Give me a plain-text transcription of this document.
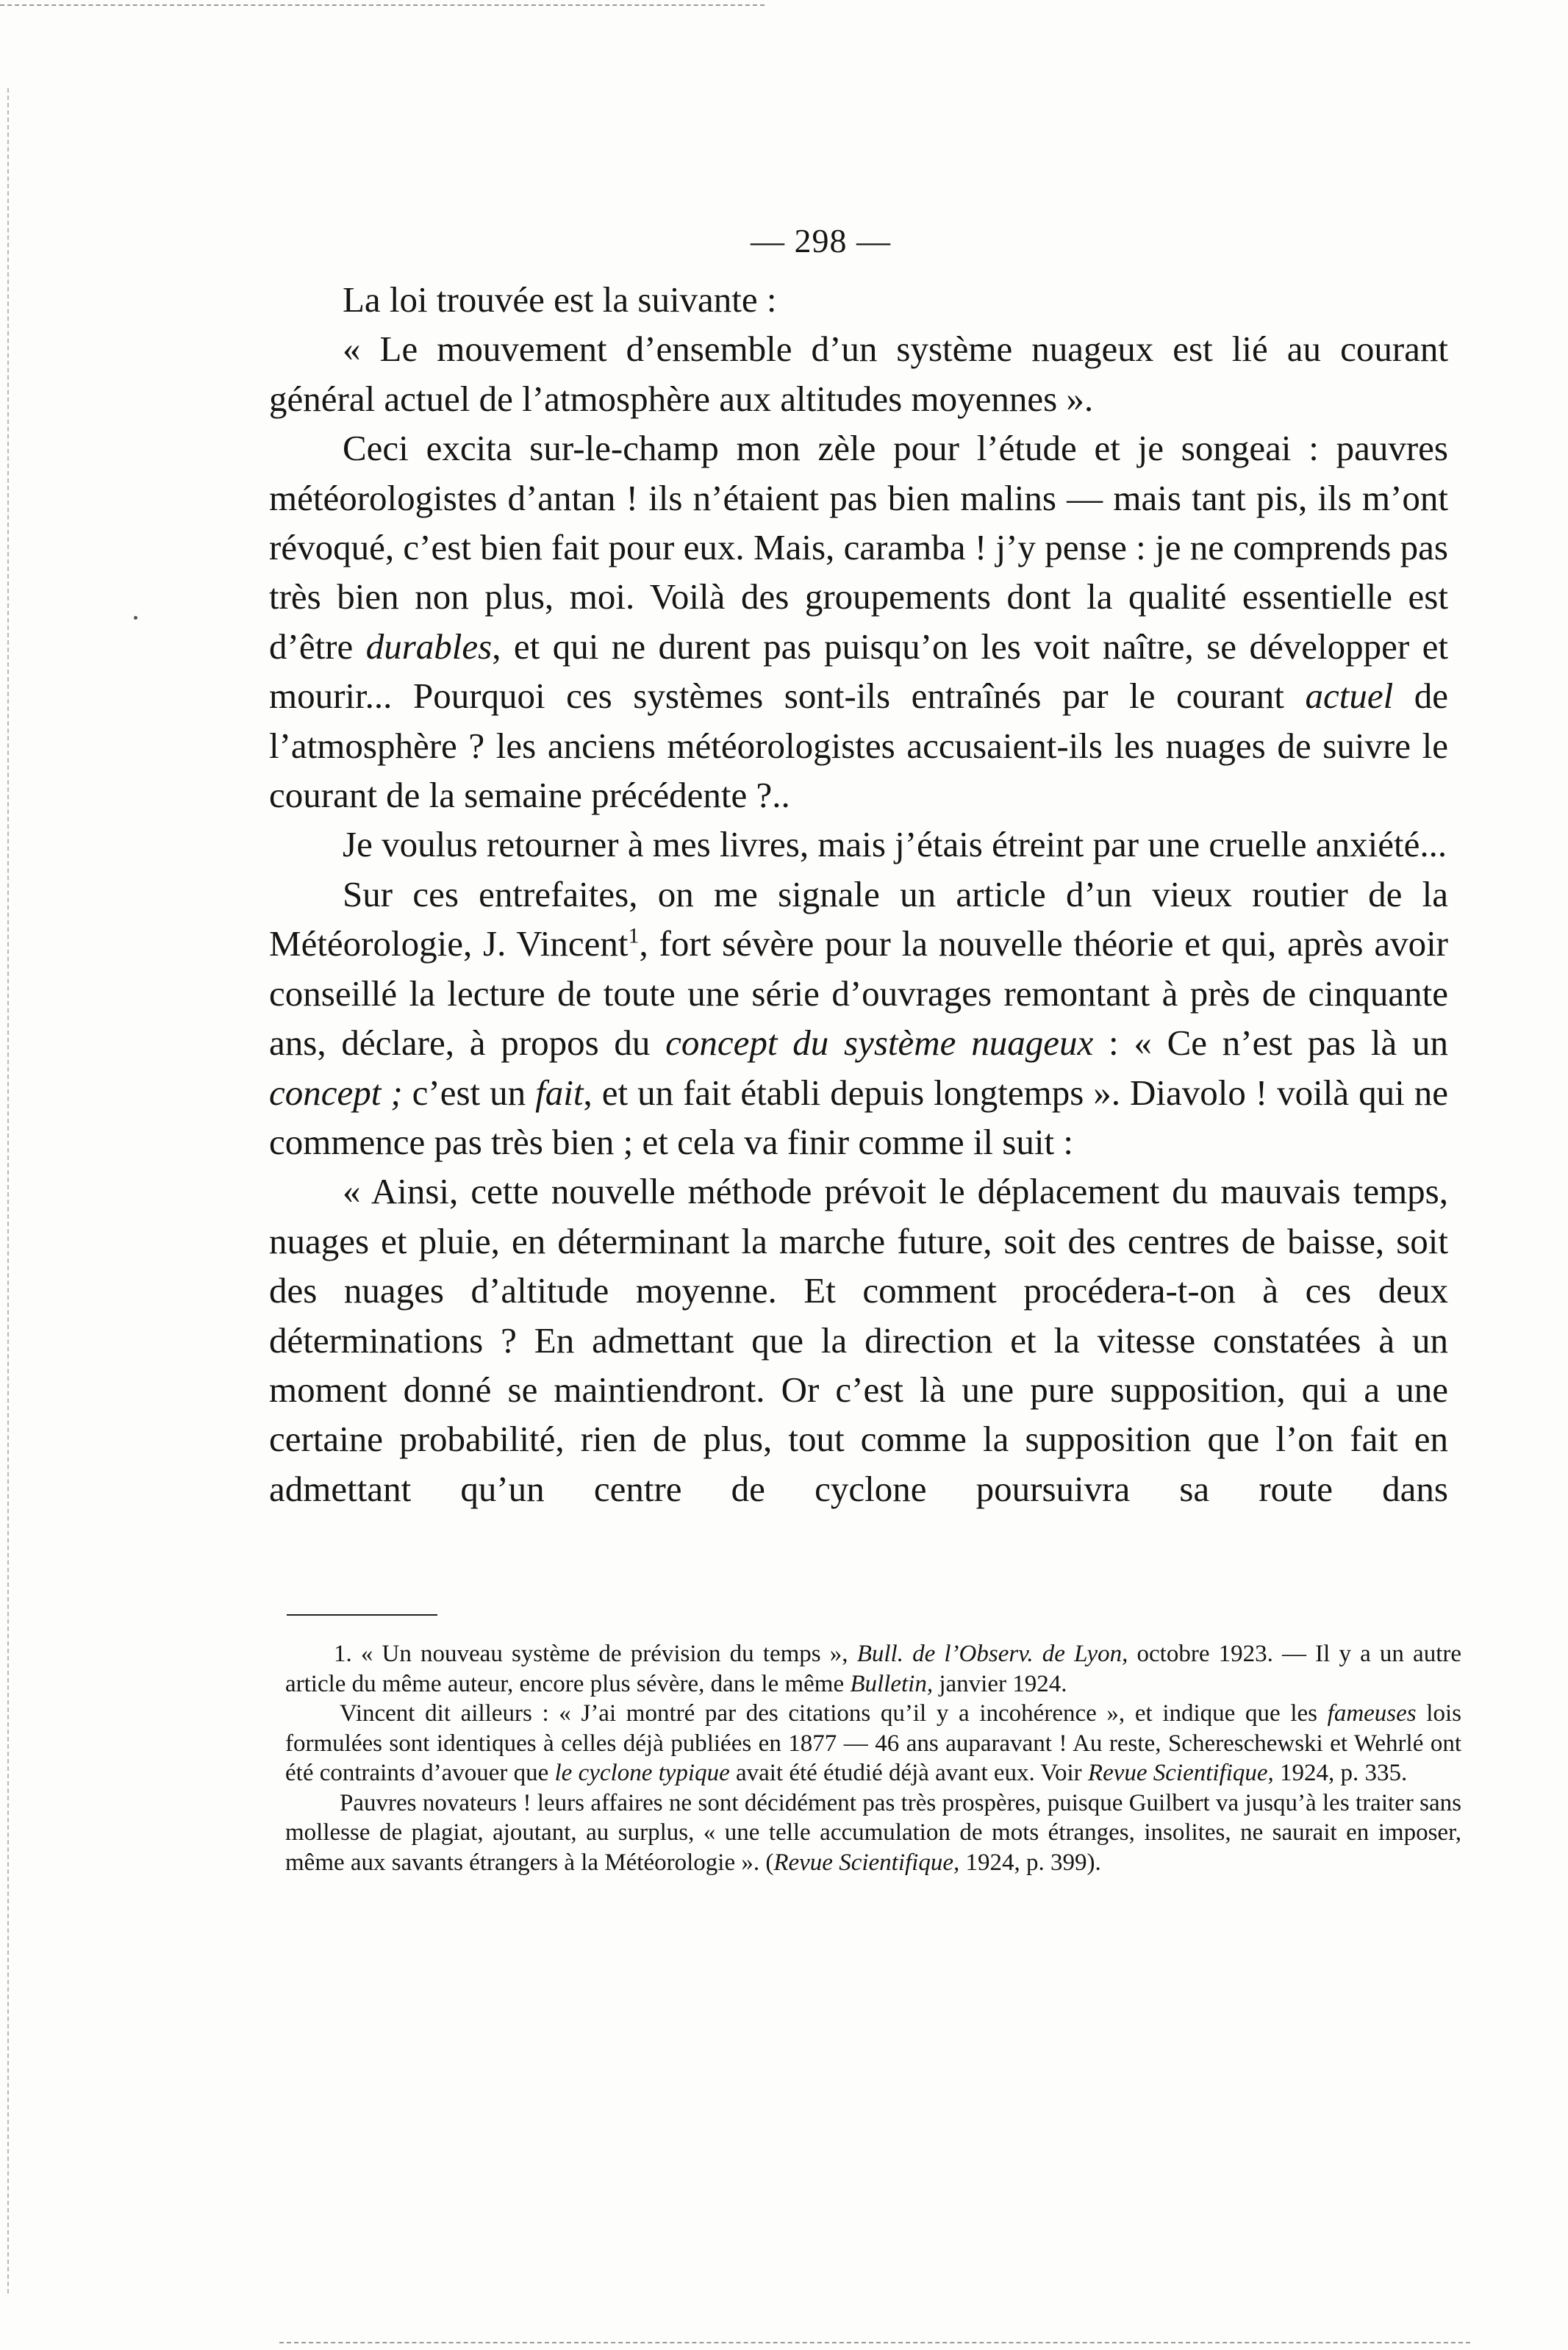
— 298 —

La loi trouvée est la suivante :

« Le mouvement d’ensemble d’un système nuageux est lié au courant général actuel de l’atmosphère aux altitudes moyennes ».

Ceci excita sur-le-champ mon zèle pour l’étude et je songeai : pauvres météorologistes d’antan ! ils n’étaient pas bien malins — mais tant pis, ils m’ont révoqué, c’est bien fait pour eux. Mais, caramba ! j’y pense : je ne comprends pas très bien non plus, moi. Voilà des groupements dont la qualité essentielle est d’être durables, et qui ne durent pas puisqu’on les voit naître, se développer et mourir... Pourquoi ces systèmes sont-ils entraînés par le courant actuel de l’atmosphère ? les anciens météorologistes accusaient-ils les nuages de suivre le courant de la semaine précédente ?..

Je voulus retourner à mes livres, mais j’étais étreint par une cruelle anxiété...

Sur ces entrefaites, on me signale un article d’un vieux routier de la Météorologie, J. Vincent$^1$, fort sévère pour la nouvelle théorie et qui, après avoir conseillé la lecture de toute une série d’ouvrages remontant à près de cinquante ans, déclare, à propos du concept du système nuageux : « Ce n’est pas là un concept ; c’est un fait, et un fait établi depuis longtemps ». Diavolo ! voilà qui ne commence pas très bien ; et cela va finir comme il suit :

« Ainsi, cette nouvelle méthode prévoit le déplacement du mauvais temps, nuages et pluie, en déterminant la marche future, soit des centres de baisse, soit des nuages d’altitude moyenne. Et comment procédera-t-on à ces deux déterminations ? En admettant que la direction et la vitesse constatées à un moment donné se maintiendront. Or c’est là une pure supposition, qui a une certaine probabilité, rien de plus, tout comme la supposition que l’on fait en admettant qu’un centre de cyclone poursuivra sa route dans

1. « Un nouveau système de prévision du temps », Bull. de l’Observ. de Lyon, octobre 1923. — Il y a un autre article du même auteur, encore plus sévère, dans le même Bulletin, janvier 1924.

Vincent dit ailleurs : « J’ai montré par des citations qu’il y a incohérence », et indique que les fameuses lois formulées sont identiques à celles déjà publiées en 1877 — 46 ans auparavant ! Au reste, Schereschewski et Wehrlé ont été contraints d’avouer que le cyclone typique avait été étudié déjà avant eux. Voir Revue Scientifique, 1924, p. 335.

Pauvres novateurs ! leurs affaires ne sont décidément pas très prospères, puisque Guilbert va jusqu’à les traiter sans mollesse de plagiat, ajoutant, au surplus, « une telle accumulation de mots étranges, insolites, ne saurait en imposer, même aux savants étrangers à la Météorologie ». (Revue Scientifique, 1924, p. 399).
